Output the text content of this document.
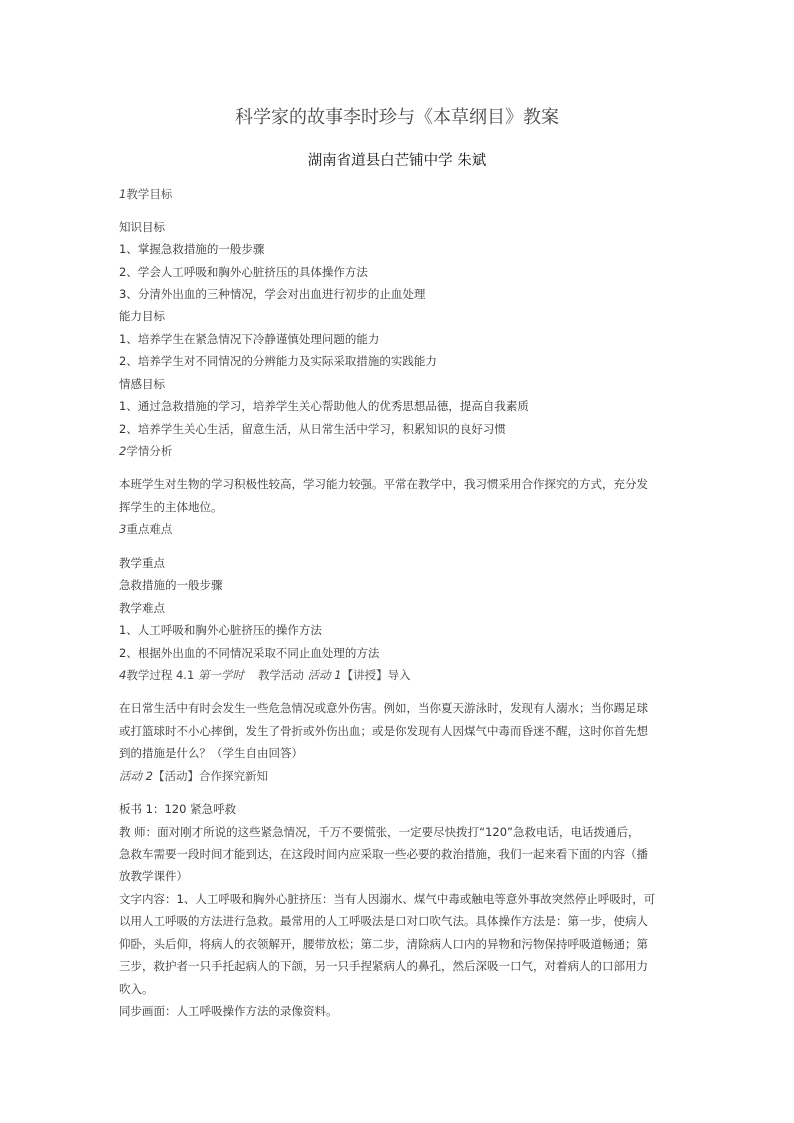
科学家的故事李时珍与《本草纲目》教案
湖南省道县白芒铺中学 朱斌
1教学目标
知识目标
1、掌握急救措施的一般步骤
2、学会人工呼吸和胸外心脏挤压的具体操作方法
3、分清外出血的三种情况，学会对出血进行初步的止血处理
能力目标
1、培养学生在紧急情况下冷静谨慎处理问题的能力
2、培养学生对不同情况的分辨能力及实际采取措施的实践能力
情感目标
1、通过急救措施的学习，培养学生关心帮助他人的优秀思想品德，提高自我素质
2、培养学生关心生活，留意生活，从日常生活中学习，积累知识的良好习惯
2学情分析
本班学生对生物的学习积极性较高，学习能力较强。平常在教学中，我习惯采用合作探究的方式，充分发
挥学生的主体地位。
3重点难点
教学重点
急救措施的一般步骤
教学难点
1、人工呼吸和胸外心脏挤压的操作方法
2、根据外出血的不同情况采取不同止血处理的方法
4教学过程 4.1 第一学时 教学活动 活动 1【讲授】导入
在日常生活中有时会发生一些危急情况或意外伤害。例如，当你夏天游泳时，发现有人溺水；当你踢足球
或打篮球时不小心摔倒，发生了骨折或外伤出血；或是你发现有人因煤气中毒而昏迷不醒，这时你首先想
到的措施是什么？（学生自由回答）
活动 2【活动】合作探究新知
板书 1：120 紧急呼救
教 师：面对刚才所说的这些紧急情况，千万不要慌张，一定要尽快拨打“120”急救电话，电话拨通后，
急救车需要一段时间才能到达，在这段时间内应采取一些必要的救治措施，我们一起来看下面的内容（播
放教学课件）
文字内容：1、人工呼吸和胸外心脏挤压：当有人因溺水、煤气中毒或触电等意外事故突然停止呼吸时，可
以用人工呼吸的方法进行急救。最常用的人工呼吸法是口对口吹气法。具体操作方法是：第一步，使病人
仰卧，头后仰，将病人的衣领解开，腰带放松；第二步，清除病人口内的异物和污物保持呼吸道畅通；第
三步，救护者一只手托起病人的下颌，另一只手捏紧病人的鼻孔，然后深吸一口气，对着病人的口部用力
吹入。
同步画面：人工呼吸操作方法的录像资料。
